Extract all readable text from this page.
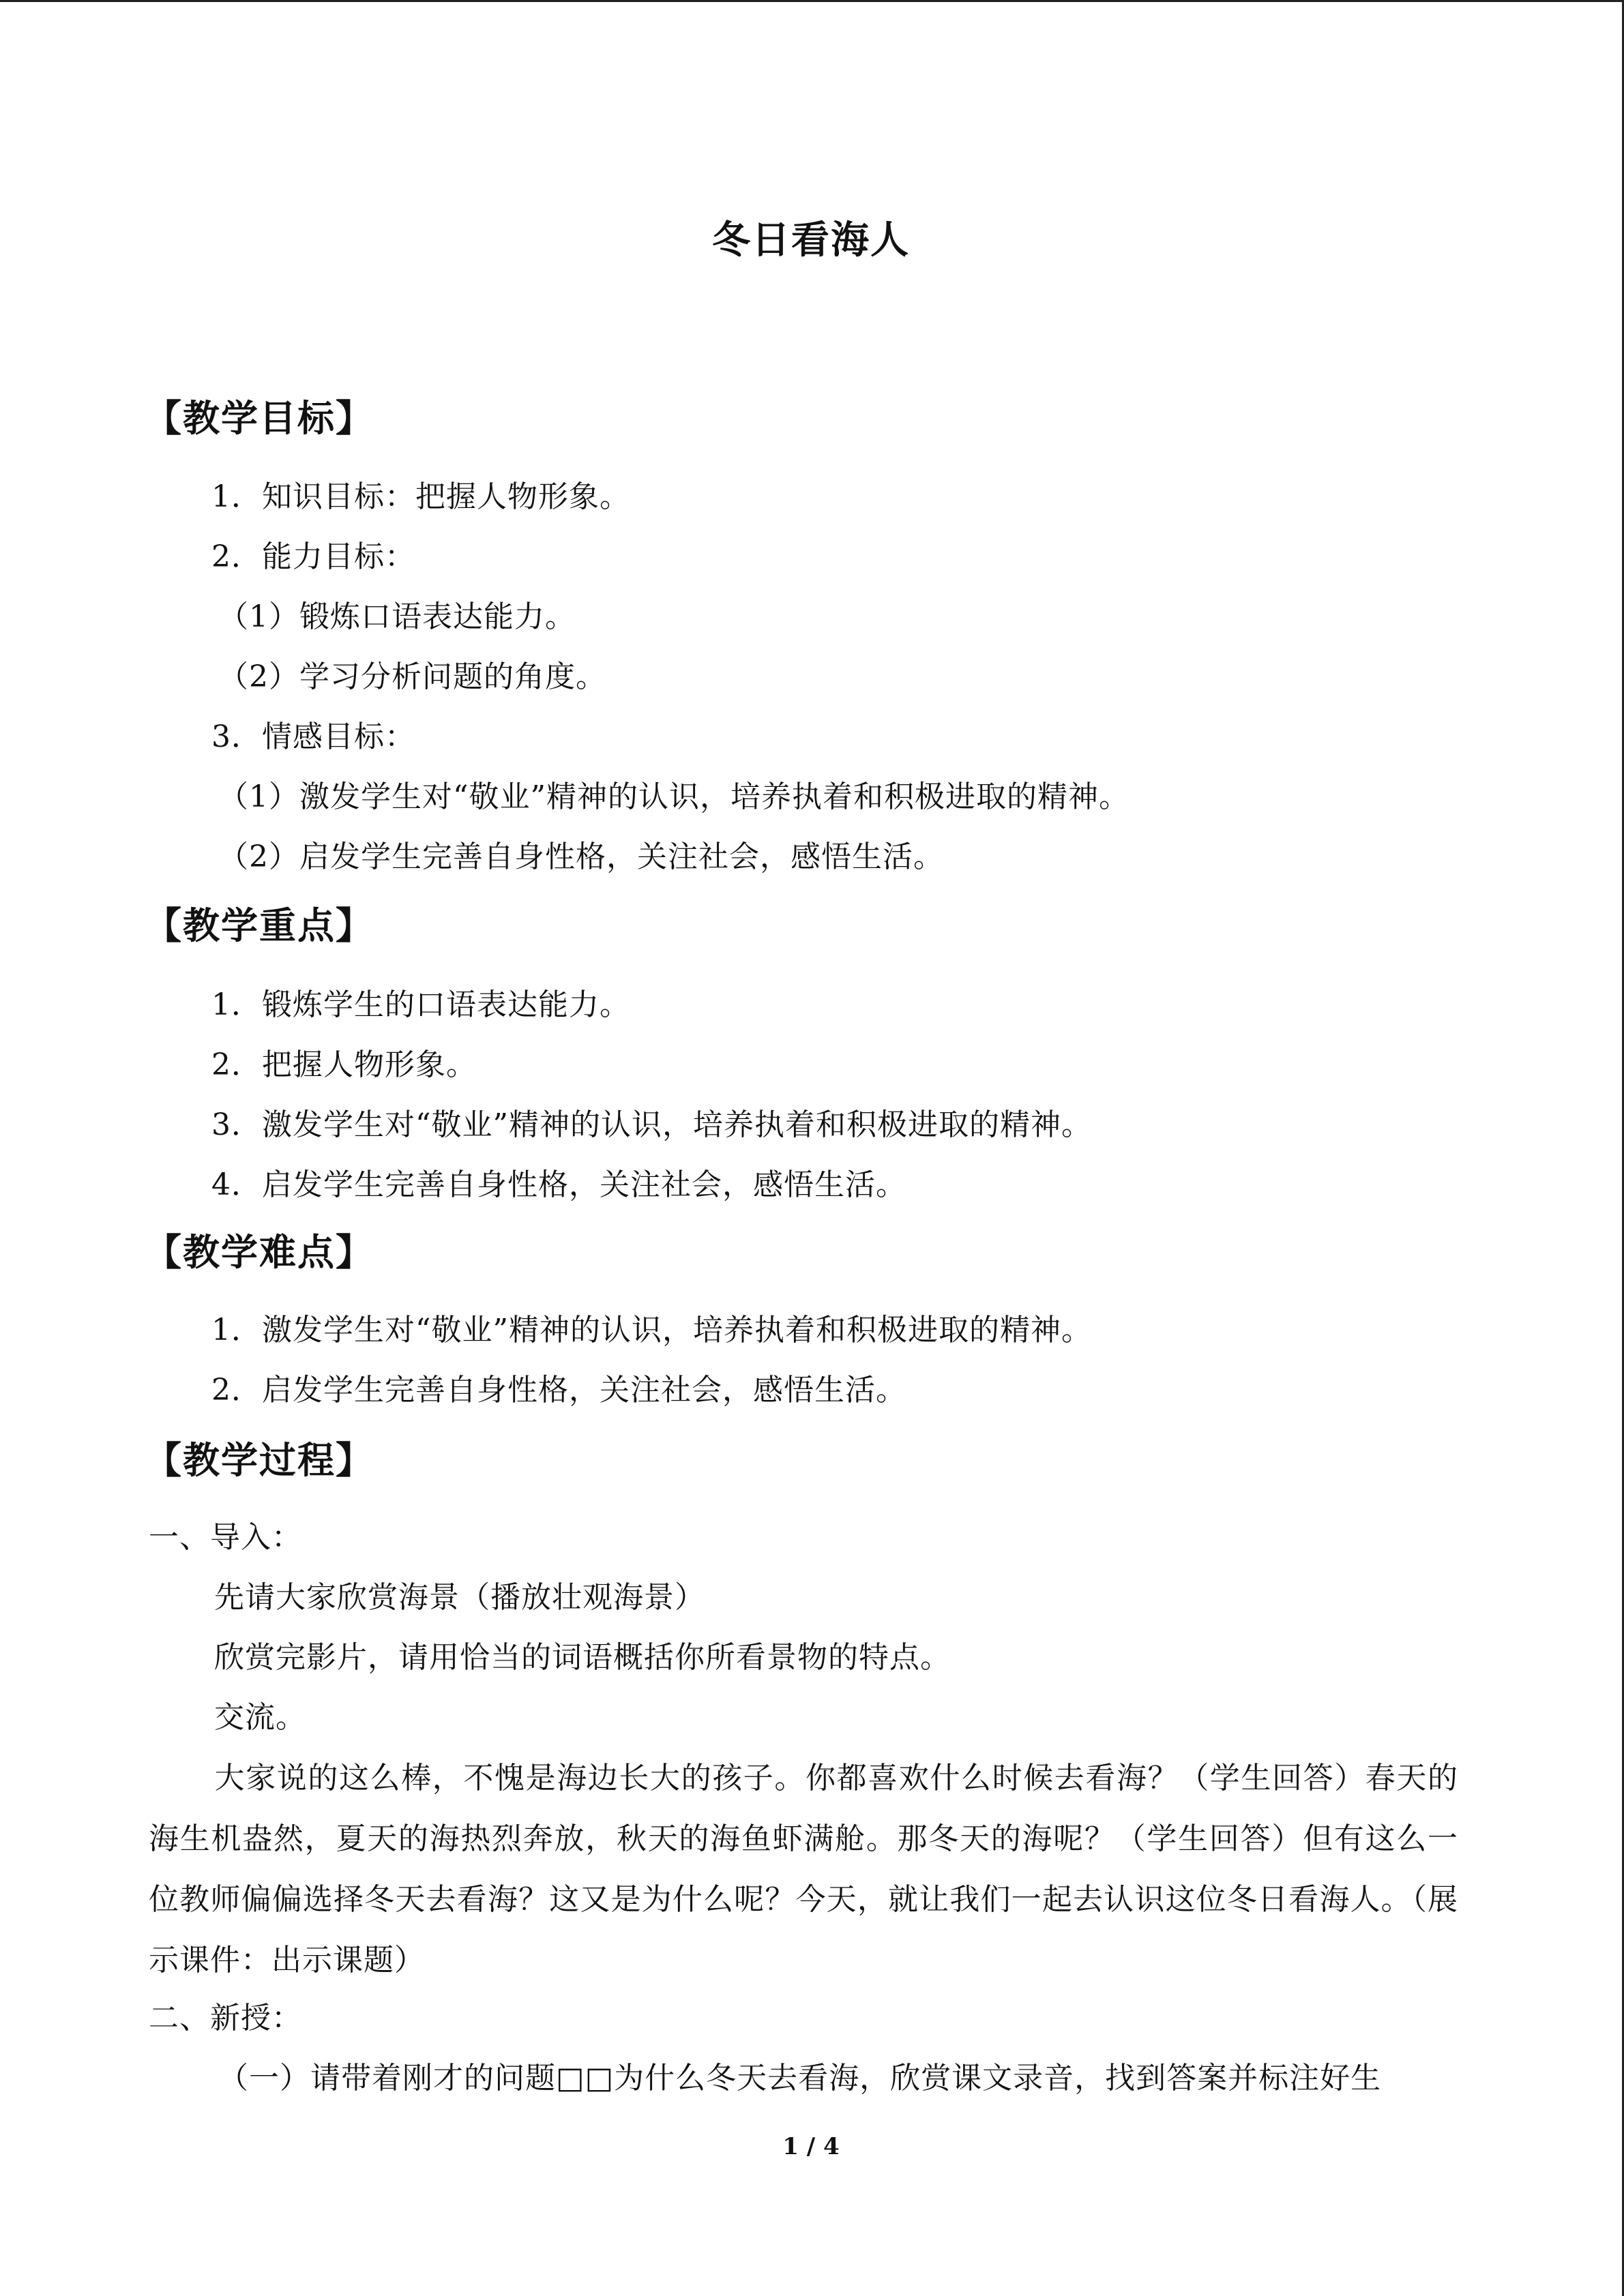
冬日看海人
【教学目标】
1．知识目标：把握人物形象。
2．能力目标：
（1）锻炼口语表达能力。
（2）学习分析问题的角度。
3．情感目标：
（1）激发学生对“敬业”精神的认识，培养执着和积极进取的精神。
（2）启发学生完善自身性格，关注社会，感悟生活。
【教学重点】
1．锻炼学生的口语表达能力。
2．把握人物形象。
3．激发学生对“敬业”精神的认识，培养执着和积极进取的精神。
4．启发学生完善自身性格，关注社会，感悟生活。
【教学难点】
1．激发学生对“敬业”精神的认识，培养执着和积极进取的精神。
2．启发学生完善自身性格，关注社会，感悟生活。
【教学过程】
一、导入：
先请大家欣赏海景（播放壮观海景）
欣赏完影片，请用恰当的词语概括你所看景物的特点。
交流。
大家说的这么棒，不愧是海边长大的孩子。你都喜欢什么时候去看海？（学生回答）春天的海生机盎然，夏天的海热烈奔放，秋天的海鱼虾满舱。那冬天的海呢？（学生回答）但有这么一位教师偏偏选择冬天去看海？这又是为什么呢？今天，就让我们一起去认识这位冬日看海人。（展示课件：出示课题）
二、新授：
（一）请带着刚才的问题□□为什么冬天去看海，欣赏课文录音，找到答案并标注好生
1 / 4
